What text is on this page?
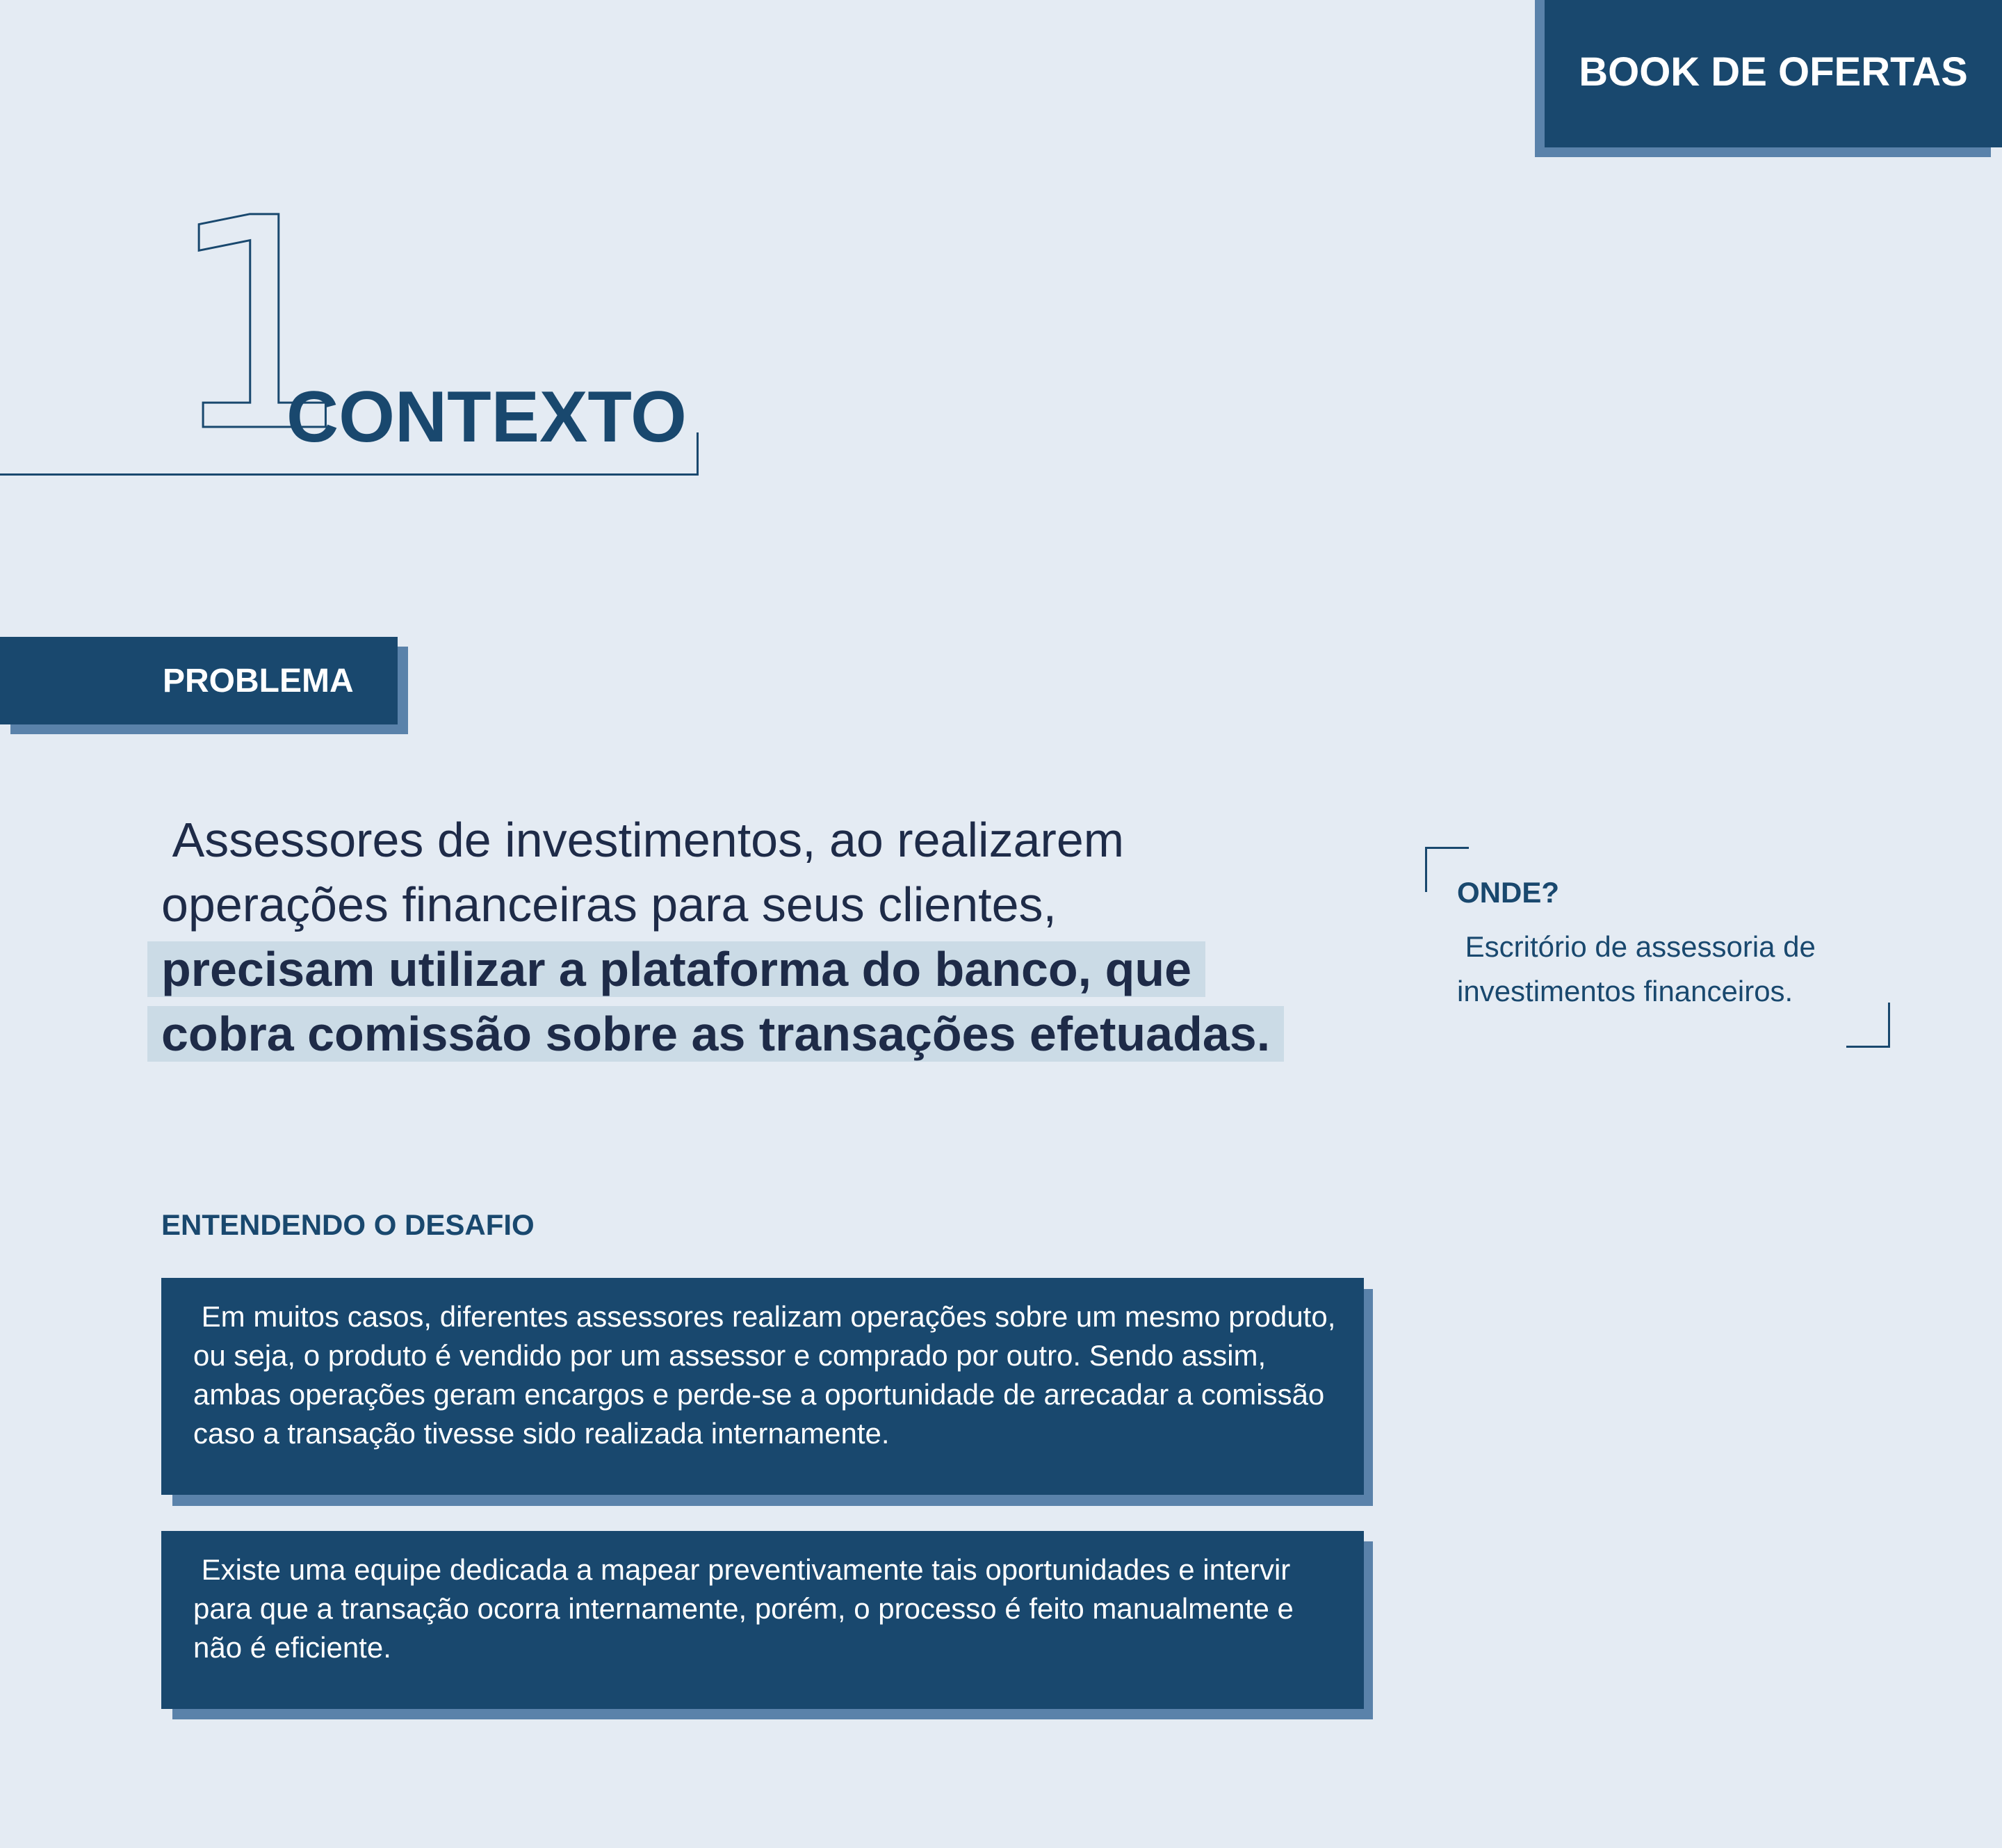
BOOK DE OFERTAS
1
CONTEXTO
PROBLEMA
Assessores de investimentos, ao realizarem
operações financeiras para seus clientes,
precisam utilizar a plataforma do banco, que
cobra comissão sobre as transações efetuadas.
ONDE?
Escritório de assessoria de investimentos financeiros.
ENTENDENDO O DESAFIO
Em muitos casos, diferentes assessores realizam operações sobre um mesmo produto, ou seja, o produto é vendido por um assessor e comprado por outro. Sendo assim, ambas operações geram encargos e perde-se a oportunidade de arrecadar a comissão caso a transação tivesse sido realizada internamente.
Existe uma equipe dedicada a mapear preventivamente tais oportunidades e intervir para que a transação ocorra internamente, porém, o processo é feito manualmente e não é eficiente.
